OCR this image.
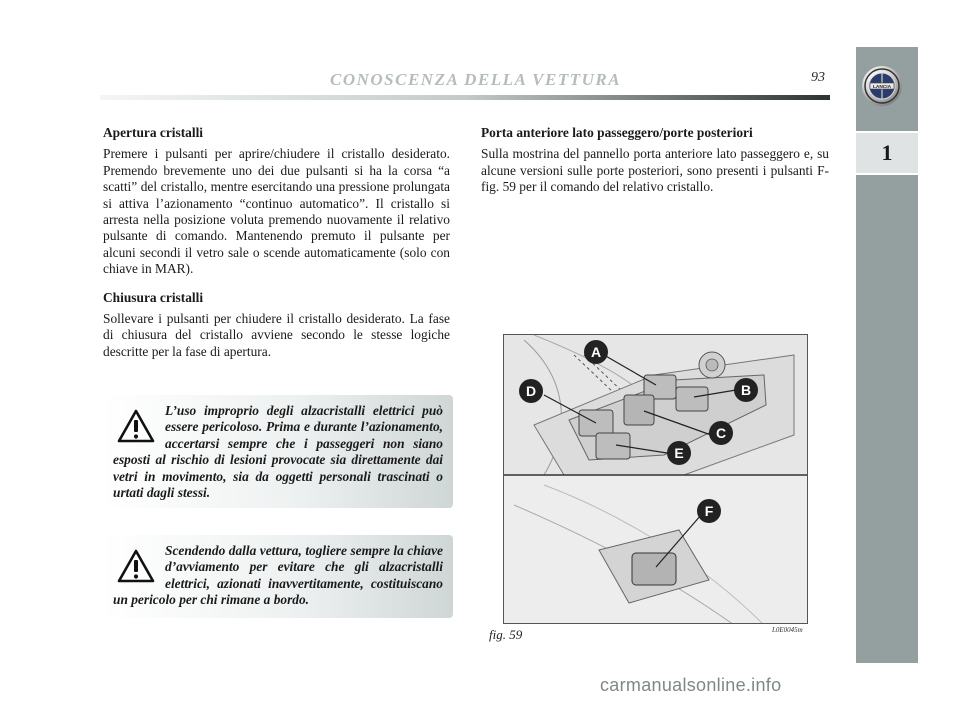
CONOSCENZA DELLA VETTURA	93
LANCIA
1
Apertura cristalli
Premere i pulsanti per aprire/chiudere il cristallo desiderato. Premendo brevemente uno dei due pulsanti si ha la corsa “a scatti” del cristallo, mentre esercitando una pressione prolungata si attiva l’azionamento “continuo automatico”. Il cristallo si arresta nella posizione voluta premendo nuovamente il relativo pulsante di comando. Mantenendo premuto il pulsante per alcuni secondi il vetro sale o scende automaticamente (solo con chiave in MAR).
Chiusura cristalli
Sollevare i pulsanti per chiudere il cristallo desiderato. La fase di chiusura del cristallo avviene secondo le stesse logiche descritte per la fase di apertura.
L’uso improprio degli alzacristalli elettrici può essere pericoloso. Prima e durante l’azionamento, accertarsi sempre che i passeggeri non siano esposti al rischio di lesioni provocate sia direttamente dai vetri in movimento, sia da oggetti personali trascinati o urtati dagli stessi.
Scendendo dalla vettura, togliere sempre la chiave d’avviamento per evitare che gli alzacristalli elettrici, azionati inavvertitamente, costituiscano un pericolo per chi rimane a bordo.
Porta anteriore lato passeggero/porte posteriori
Sulla mostrina del pannello porta anteriore lato passeggero e, su alcune versioni sulle porte posteriori, sono presenti i pulsanti F-fig. 59 per il comando del relativo cristallo.
A
B
C
D
E
F
fig. 59	L0E0045m
carmanualsonline.info
